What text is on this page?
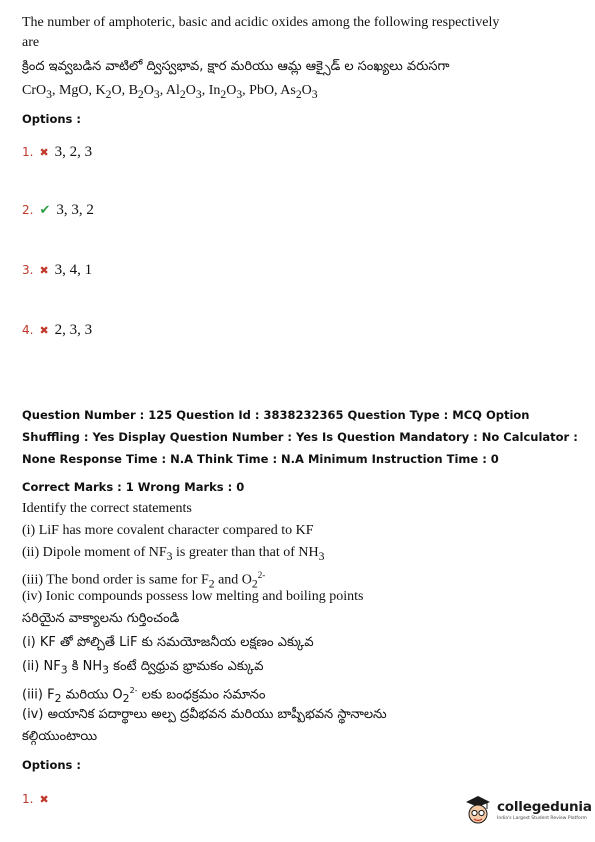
The number of amphoteric, basic and acidic oxides among the following respectively
are
క్రింద ఇవ్వబడిన వాటిలో ద్విస్వభావ, క్షార మరియు ఆమ్ల ఆక్సైడ్ ల సంఖ్యలు వరుసగా
CrO$_3$, MgO, $K_2O$, $B_2O_3$, $Al_2O_3$, $In_2O_3$, PbO, $As_2O_3$
Options :
1. ✖ 3, 2, 3
2. ✔ 3, 3, 2
3. ✖ 3, 4, 1
4. ✖ 2, 3, 3
Question Number : 125 Question Id : 3838232365 Question Type : MCQ Option Shuffling : Yes Display Question Number : Yes Is Question Mandatory : No Calculator : None Response Time : N.A Think Time : N.A Minimum Instruction Time : 0
Correct Marks : 1 Wrong Marks : 0
Identify the correct statements
(i) LiF has more covalent character compared to KF
(ii) Dipole moment of $NF_3$ is greater than that of $NH_3$
(iii) The bond order is same for $F_2$ and $O_2^{2-}$
(iv) Ionic compounds possess low melting and boiling points
సరియైన వాక్యాలను గుర్తించండి
(i) KF తో పోల్చితే LiF కు సమయోజనీయ లక్షణం ఎక్కువ
(ii) $NF_3$ కి $NH_3$ కంటే ద్విధ్రువ భ్రామకం ఎక్కువ
(iii) $F_2$ మరియు $O_2^{2-}$ లకు బంధక్రమం సమానం
(iv) అయానిక పదార్థాలు అల్ప ద్రవీభవన మరియు బాష్పీభవన స్థానాలను
కల్గియుంటాయి
Options :
1. ✖	collegedunia
India's Largest Student Review Platform
